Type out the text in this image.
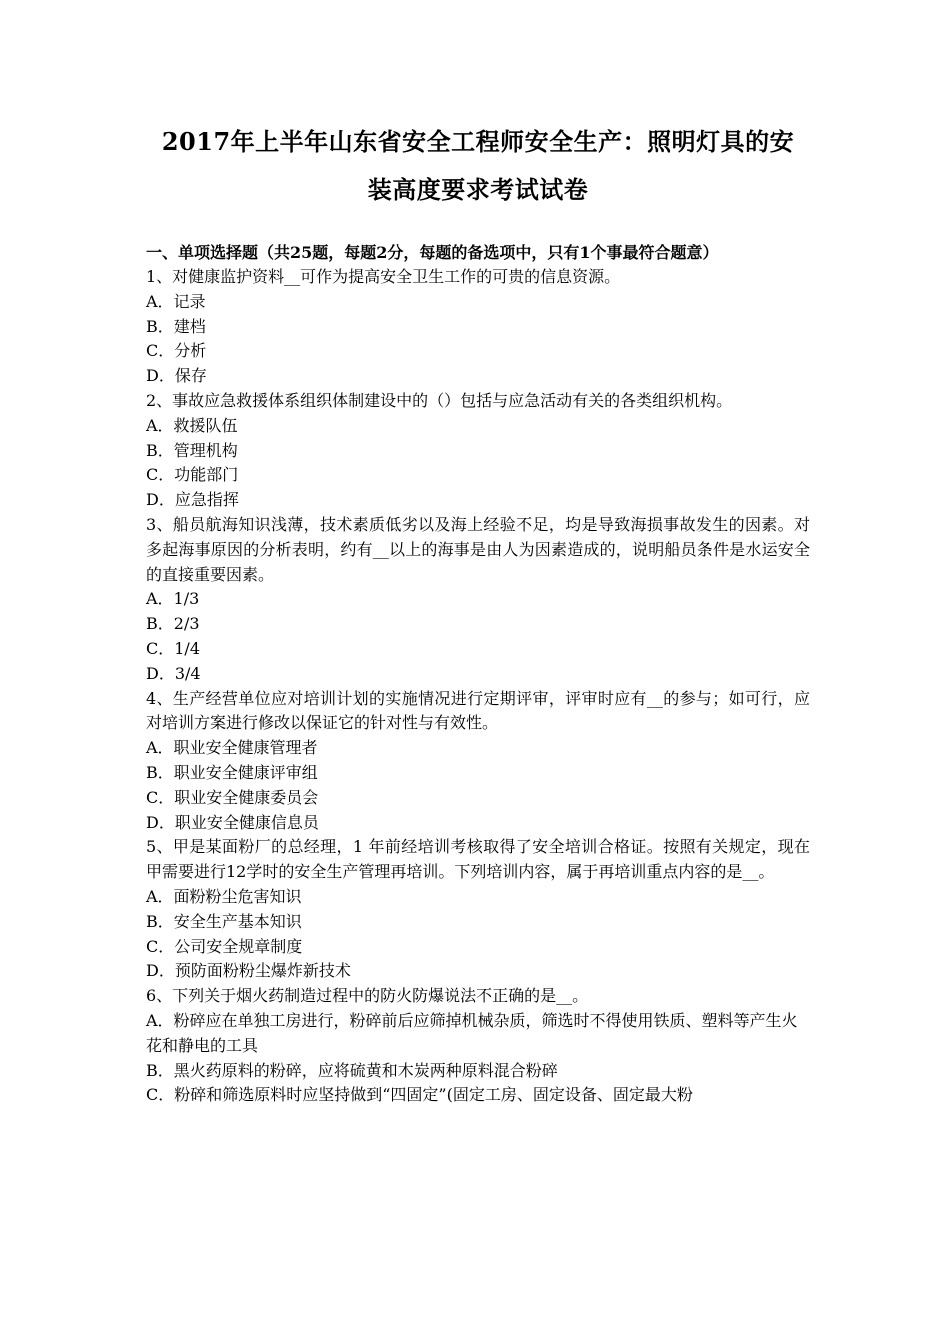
2017年上半年山东省安全工程师安全生产：照明灯具的安
装高度要求考试试卷
一、单项选择题（共25题，每题2分，每题的备选项中，只有1个事最符合题意）

1、对健康监护资料__可作为提高安全卫生工作的可贵的信息资源。

A．记录

B．建档

C．分析

D．保存

2、事故应急救援体系组织体制建设中的（）包括与应急活动有关的各类组织机构。

A．救援队伍

B．管理机构

C．功能部门

D．应急指挥

3、船员航海知识浅薄，技术素质低劣以及海上经验不足，均是导致海损事故发生的因素。对多起海事原因的分析表明，约有__以上的海事是由人为因素造成的，说明船员条件是水运安全的直接重要因素。

A．1/3

B．2/3

C．1/4

D．3/4

4、生产经营单位应对培训计划的实施情况进行定期评审，评审时应有__的参与；如可行，应对培训方案进行修改以保证它的针对性与有效性。

A．职业安全健康管理者

B．职业安全健康评审组

C．职业安全健康委员会

D．职业安全健康信息员

5、甲是某面粉厂的总经理，1 年前经培训考核取得了安全培训合格证。按照有关规定，现在甲需要进行12学时的安全生产管理再培训。下列培训内容，属于再培训重点内容的是__。

A．面粉粉尘危害知识

B．安全生产基本知识

C．公司安全规章制度

D．预防面粉粉尘爆炸新技术

6、下列关于烟火药制造过程中的防火防爆说法不正确的是__。

A．粉碎应在单独工房进行，粉碎前后应筛掉机械杂质，筛选时不得使用铁质、塑料等产生火花和静电的工具

B．黑火药原料的粉碎，应将硫黄和木炭两种原料混合粉碎

C．粉碎和筛选原料时应坚持做到“四固定”(固定工房、固定设备、固定最大粉
